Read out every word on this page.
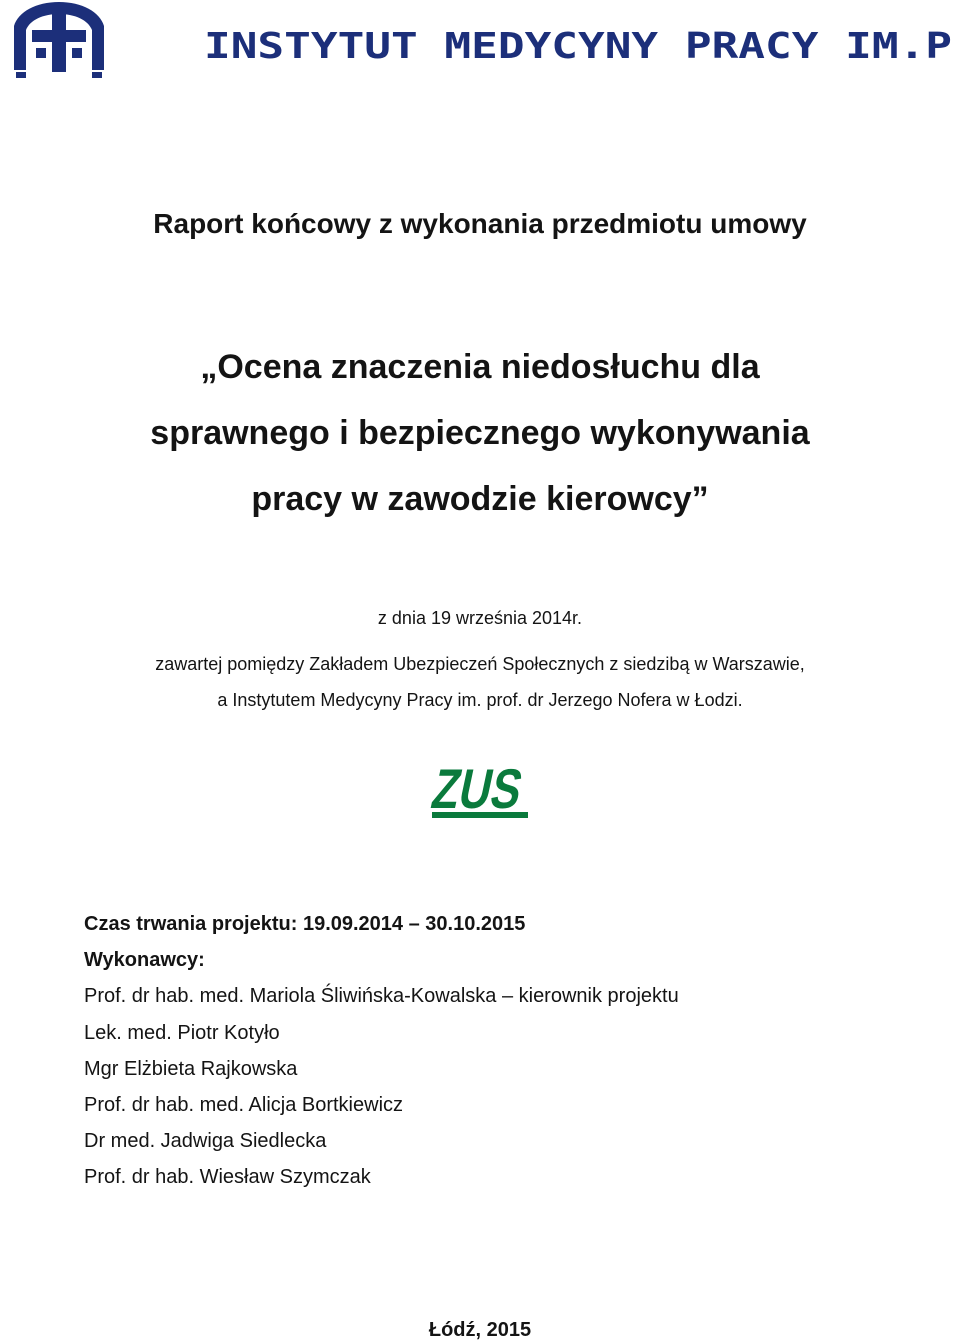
INSTYTUT MEDYCYNY PRACY IM.P
Raport końcowy z wykonania przedmiotu umowy
„Ocena znaczenia niedosłuchu dla
sprawnego i bezpiecznego wykonywania
pracy w zawodzie kierowcy”
z dnia 19 września 2014r.
zawartej pomiędzy Zakładem Ubezpieczeń Społecznych z siedzibą w Warszawie,
a Instytutem Medycyny Pracy im. prof. dr Jerzego Nofera w Łodzi.
ZUS
Czas trwania projektu: 19.09.2014 – 30.10.2015
Wykonawcy:
Prof. dr hab. med. Mariola Śliwińska-Kowalska – kierownik projektu
Lek. med. Piotr Kotyło
Mgr Elżbieta Rajkowska
Prof. dr hab. med. Alicja Bortkiewicz
Dr med. Jadwiga Siedlecka
Prof. dr hab. Wiesław Szymczak
Łódź, 2015
